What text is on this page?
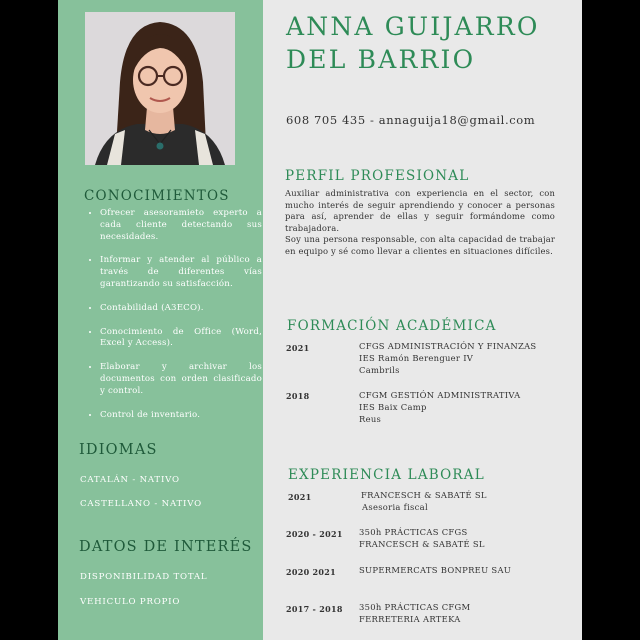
CONOCIMIENTOS
• Ofrecer asesoramieto experto a cada cliente detectando sus necesidades.
• Informar y atender al público a través de diferentes vías garantizando su satisfacción.
• Contabilidad (A3ECO).
• Conocimiento de Office (Word, Excel y Access).
• Elaborar y archivar los documentos con orden clasificado y control.
• Control de inventario.
IDIOMAS
CATALÁN - NATIVO
CASTELLANO - NATIVO
DATOS DE INTERÉS
DISPONIBILIDAD TOTAL
VEHICULO PROPIO
ANNA GUIJARRO
DEL BARRIO
608 705 435 - annaguija18@gmail.com
PERFIL PROFESIONAL
Auxiliar administrativa con experiencia en el sector, con mucho interés de seguir aprendiendo y conocer a personas para así, aprender de ellas y seguir formándome como trabajadora.
Soy una persona responsable, con alta capacidad de trabajar en equipo y sé como llevar a clientes en situaciones difíciles.
FORMACIÓN ACADÉMICA
2021	CFGS ADMINISTRACIÓN Y FINANZAS
IES Ramón Berenguer IV
Cambrils
2018	CFGM GESTIÓN ADMINISTRATIVA
IES Baix Camp
Reus
EXPERIENCIA LABORAL
2021	FRANCESCH & SABATÉ SL
Asesoria fiscal
2020 - 2021 350h PRÁCTICAS CFGS
FRANCESCH & SABATÉ SL
2020 2021	SUPERMERCATS BONPREU SAU
2017 - 2018 350h PRÁCTICAS CFGM
FERRETERIA ARTEKA
